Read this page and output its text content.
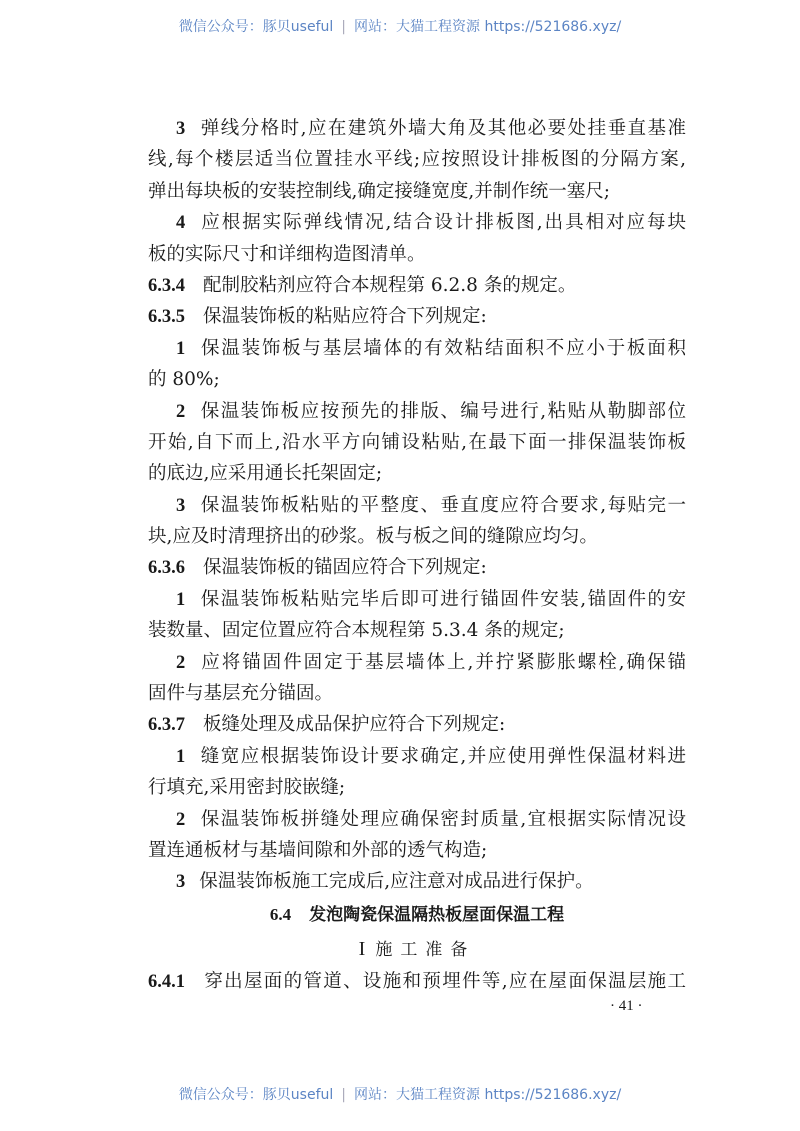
微信公众号：豚贝useful | 网站：大猫工程资源 https://521686.xyz/
3 弹线分格时,应在建筑外墙大角及其他必要处挂垂直基准
线,每个楼层适当位置挂水平线;应按照设计排板图的分隔方案,
弹出每块板的安装控制线,确定接缝宽度,并制作统一塞尺;
4 应根据实际弹线情况,结合设计排板图,出具相对应每块
板的实际尺寸和详细构造图清单。
6.3.4 配制胶粘剂应符合本规程第 6.2.8 条的规定。
6.3.5 保温装饰板的粘贴应符合下列规定:
1 保温装饰板与基层墙体的有效粘结面积不应小于板面积
的 80%;
2 保温装饰板应按预先的排版、编号进行,粘贴从勒脚部位
开始,自下而上,沿水平方向铺设粘贴,在最下面一排保温装饰板
的底边,应采用通长托架固定;
3 保温装饰板粘贴的平整度、垂直度应符合要求,每贴完一
块,应及时清理挤出的砂浆。板与板之间的缝隙应均匀。
6.3.6 保温装饰板的锚固应符合下列规定:
1 保温装饰板粘贴完毕后即可进行锚固件安装,锚固件的安
装数量、固定位置应符合本规程第 5.3.4 条的规定;
2 应将锚固件固定于基层墙体上,并拧紧膨胀螺栓,确保锚
固件与基层充分锚固。
6.3.7 板缝处理及成品保护应符合下列规定:
1 缝宽应根据装饰设计要求确定,并应使用弹性保温材料进
行填充,采用密封胶嵌缝;
2 保温装饰板拼缝处理应确保密封质量,宜根据实际情况设
置连通板材与基墙间隙和外部的透气构造;
3 保温装饰板施工完成后,应注意对成品进行保护。
6.4 发泡陶瓷保温隔热板屋面保温工程
I 施工准备
6.4.1 穿出屋面的管道、设施和预埋件等,应在屋面保温层施工
· 41 ·
微信公众号：豚贝useful | 网站：大猫工程资源 https://521686.xyz/
